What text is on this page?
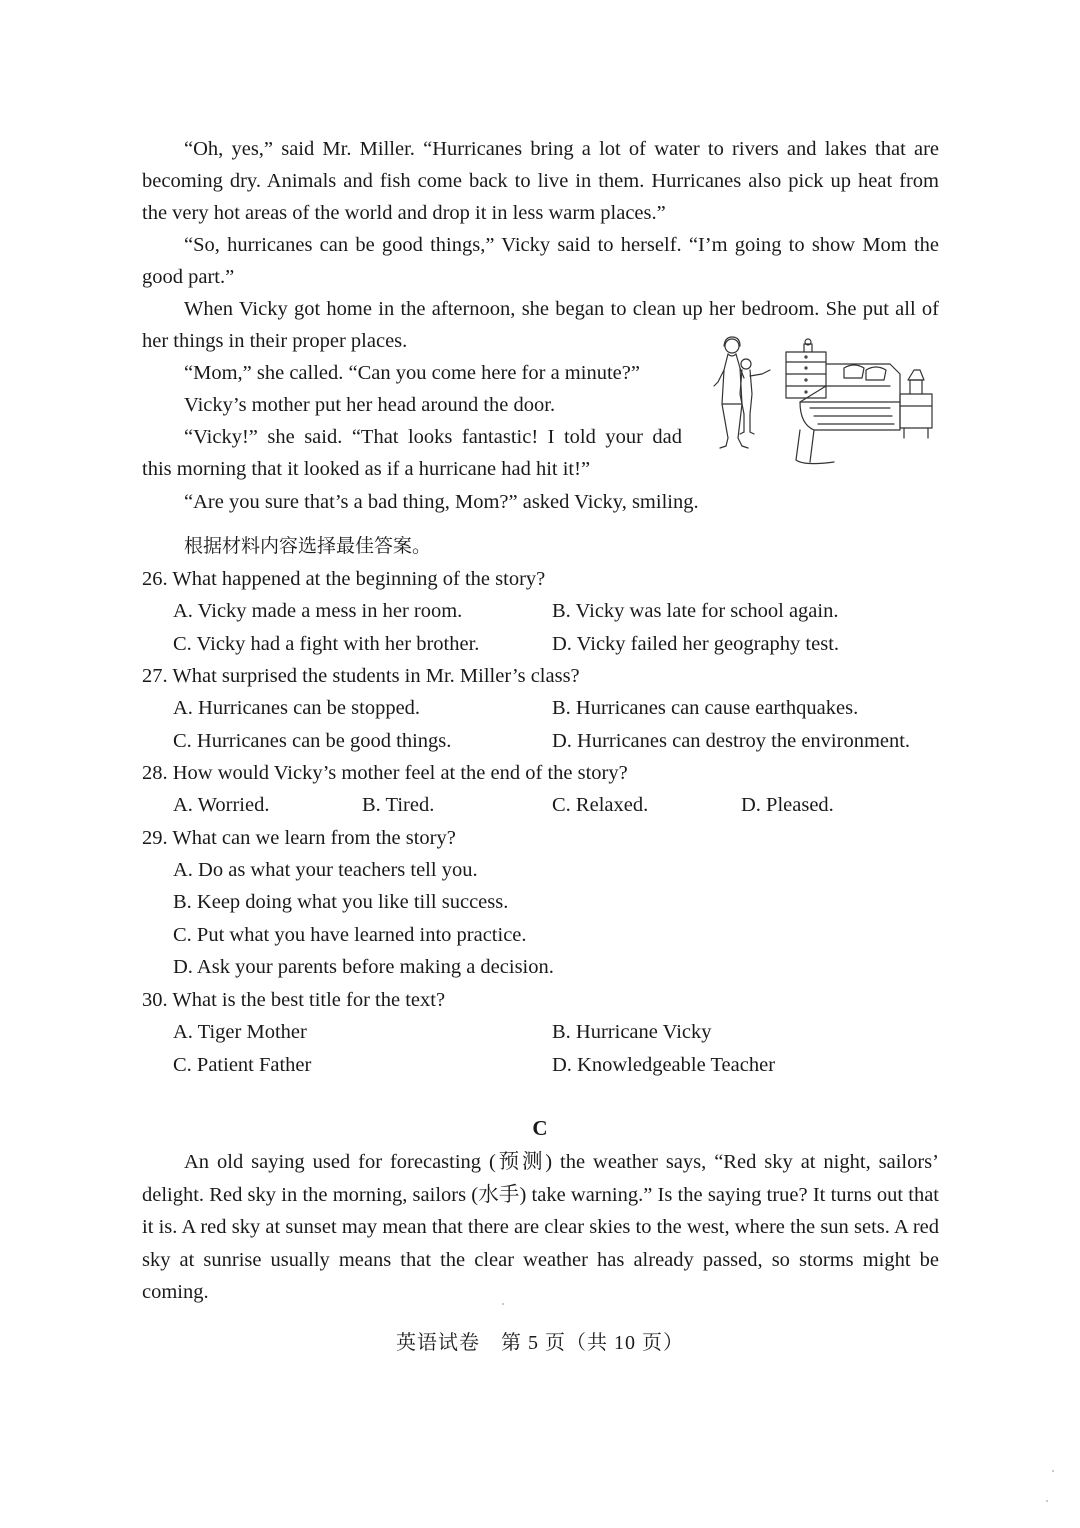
“Oh, yes,” said Mr. Miller. “Hurricanes bring a lot of water to rivers and lakes that are becoming dry. Animals and fish come back to live in them. Hurricanes also pick up heat from the very hot areas of the world and drop it in less warm places.”

“So, hurricanes can be good things,” Vicky said to herself. “I’m going to show Mom the good part.”

When Vicky got home in the afternoon, she began to clean up her bedroom. She put all of her things in their proper places.

“Mom,” she called. “Can you come here for a minute?”
Vicky’s mother put her head around the door.
“Vicky!” she said. “That looks fantastic! I told your dad
this morning that it looked as if a hurricane had hit it!”
“Are you sure that’s a bad thing, Mom?” asked Vicky, smiling.
根据材料内容选择最佳答案。
26. What happened at the beginning of the story?
A. Vicky made a mess in her room.	B. Vicky was late for school again.
C. Vicky had a fight with her brother.	D. Vicky failed her geography test.
27. What surprised the students in Mr. Miller’s class?
A. Hurricanes can be stopped.	B. Hurricanes can cause earthquakes.
C. Hurricanes can be good things.	D. Hurricanes can destroy the environment.
28. How would Vicky’s mother feel at the end of the story?
A. Worried.	B. Tired.	C. Relaxed.	D. Pleased.
29. What can we learn from the story?
A. Do as what your teachers tell you.
B. Keep doing what you like till success.
C. Put what you have learned into practice.
D. Ask your parents before making a decision.
30. What is the best title for the text?
A. Tiger Mother	B. Hurricane Vicky
C. Patient Father	D. Knowledgeable Teacher
C

An old saying used for forecasting (预测) the weather says, “Red sky at night, sailors’ delight. Red sky in the morning, sailors (水手) take warning.” Is the saying true? It turns out that it is. A red sky at sunset may mean that there are clear skies to the west, where the sun sets. A red sky at sunrise usually means that the clear weather has already passed, so storms might be coming.

英语试卷　第 5 页（共 10 页）
